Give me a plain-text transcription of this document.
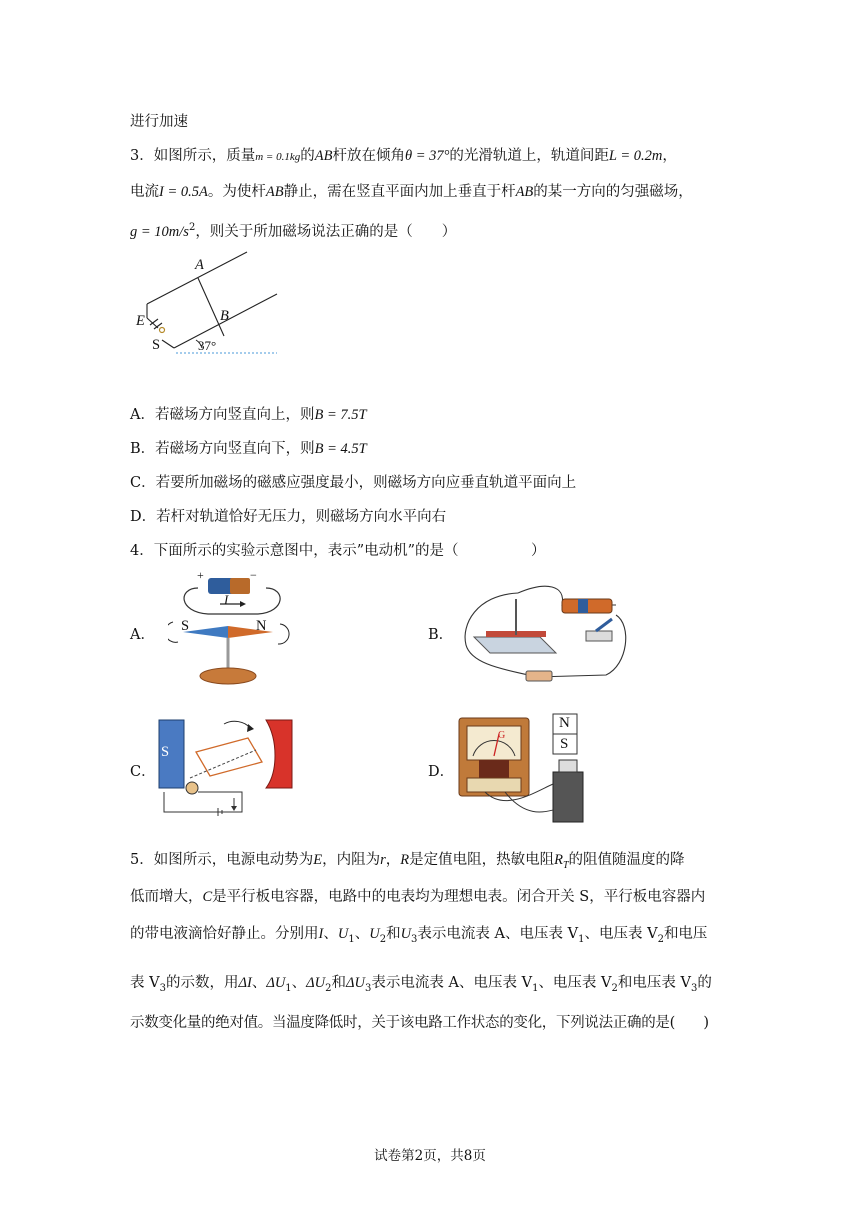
进行加速
3．如图所示，质量m = 0.1kg的AB杆放在倾角θ = 37°的光滑轨道上，轨道间距L = 0.2m，
电流I = 0.5A。为使杆AB静止，需在竖直平面内加上垂直于杆AB的某一方向的匀强磁场，
$g = 10m/s^2$，则关于所加磁场说法正确的是（　　）
A
B
E
S	37°
A．若磁场方向竖直向上，则B = 7.5T
B．若磁场方向竖直向下，则B = 4.5T
C．若要所加磁场的磁感应强度最小，则磁场方向应垂直轨道平面向上
D．若杆对轨道恰好无压力，则磁场方向水平向右
4．下面所示的实验示意图中，表示”电动机”的是（　　　　　）
A．
+	−
I
S	N
B．
C．
S
D．
G
N
S
5．如图所示，电源电动势为E，内阻为r，R是定值电阻，热敏电阻$R_T$的阻值随温度的降
低而增大，C是平行板电容器，电路中的电表均为理想电表。闭合开关 S，平行板电容器内
的带电液滴恰好静止。分别用I、$U_1$、$U_2$和$U_3$表示电流表 A、电压表 $V_1$、电压表 $V_2$和电压
表 $V_3$的示数，用ΔI、$\Delta U_1$、$\Delta U_2$和$\Delta U_3$表示电流表 A、电压表 $V_1$、电压表 $V_2$和电压表 $V_3$的
示数变化量的绝对值。当温度降低时，关于该电路工作状态的变化，下列说法正确的是(　　)
试卷第2页，共8页
